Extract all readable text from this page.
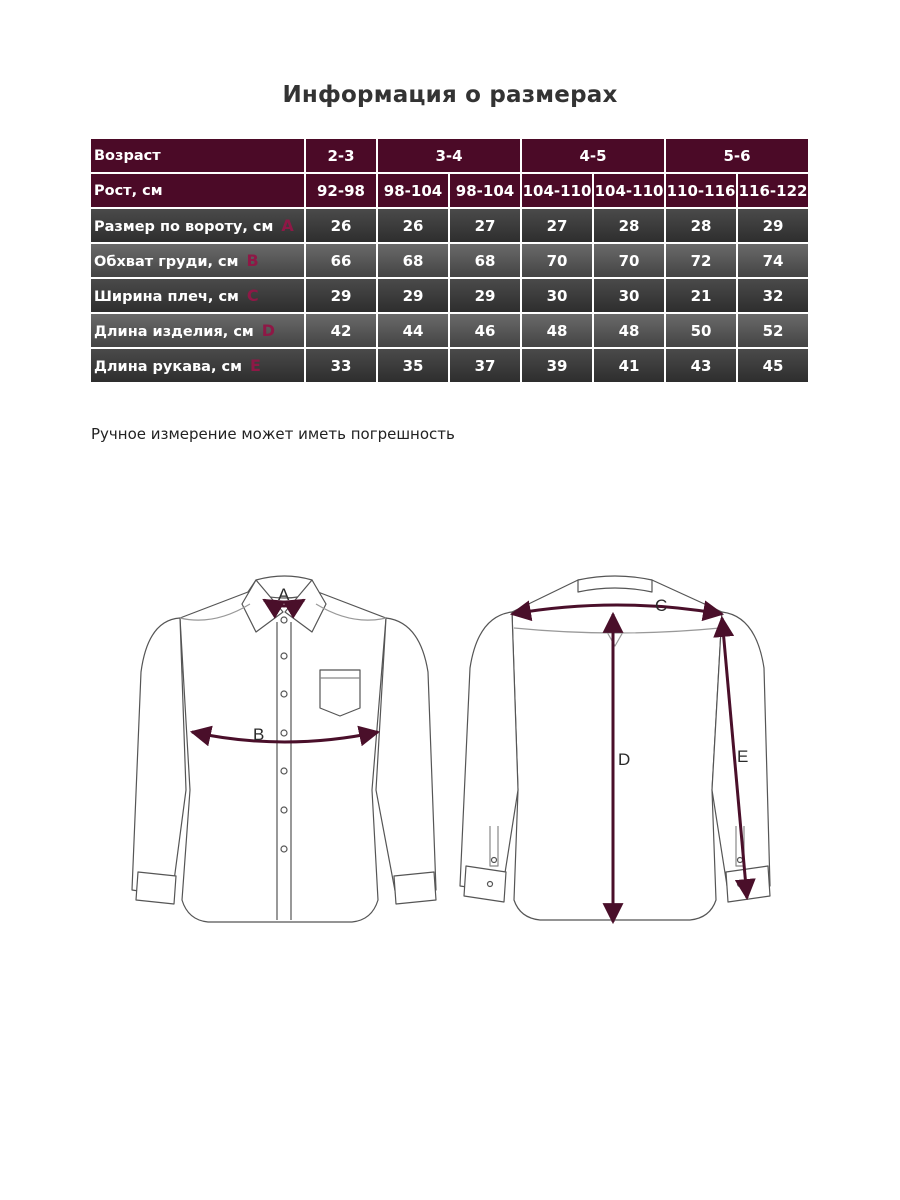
Информация о размерах
Возраст	2-3	3-4		4-5		5-6	
Рост, см	92-98	98-104	98-104	104-110	104-110	110-116	116-122
Размер по вороту, см A	26	26	27	27	28	28	29
Обхват груди, см B	66	68	68	70	70	72	74
Ширина плеч, см C	29	29	29	30	30	21	32
Длина изделия, см D	42	44	46	48	48	50	52
Длина рукава, см E	33	35	37	39	41	43	45
Ручное измерение может иметь погрешность
A
B
C
D	E
